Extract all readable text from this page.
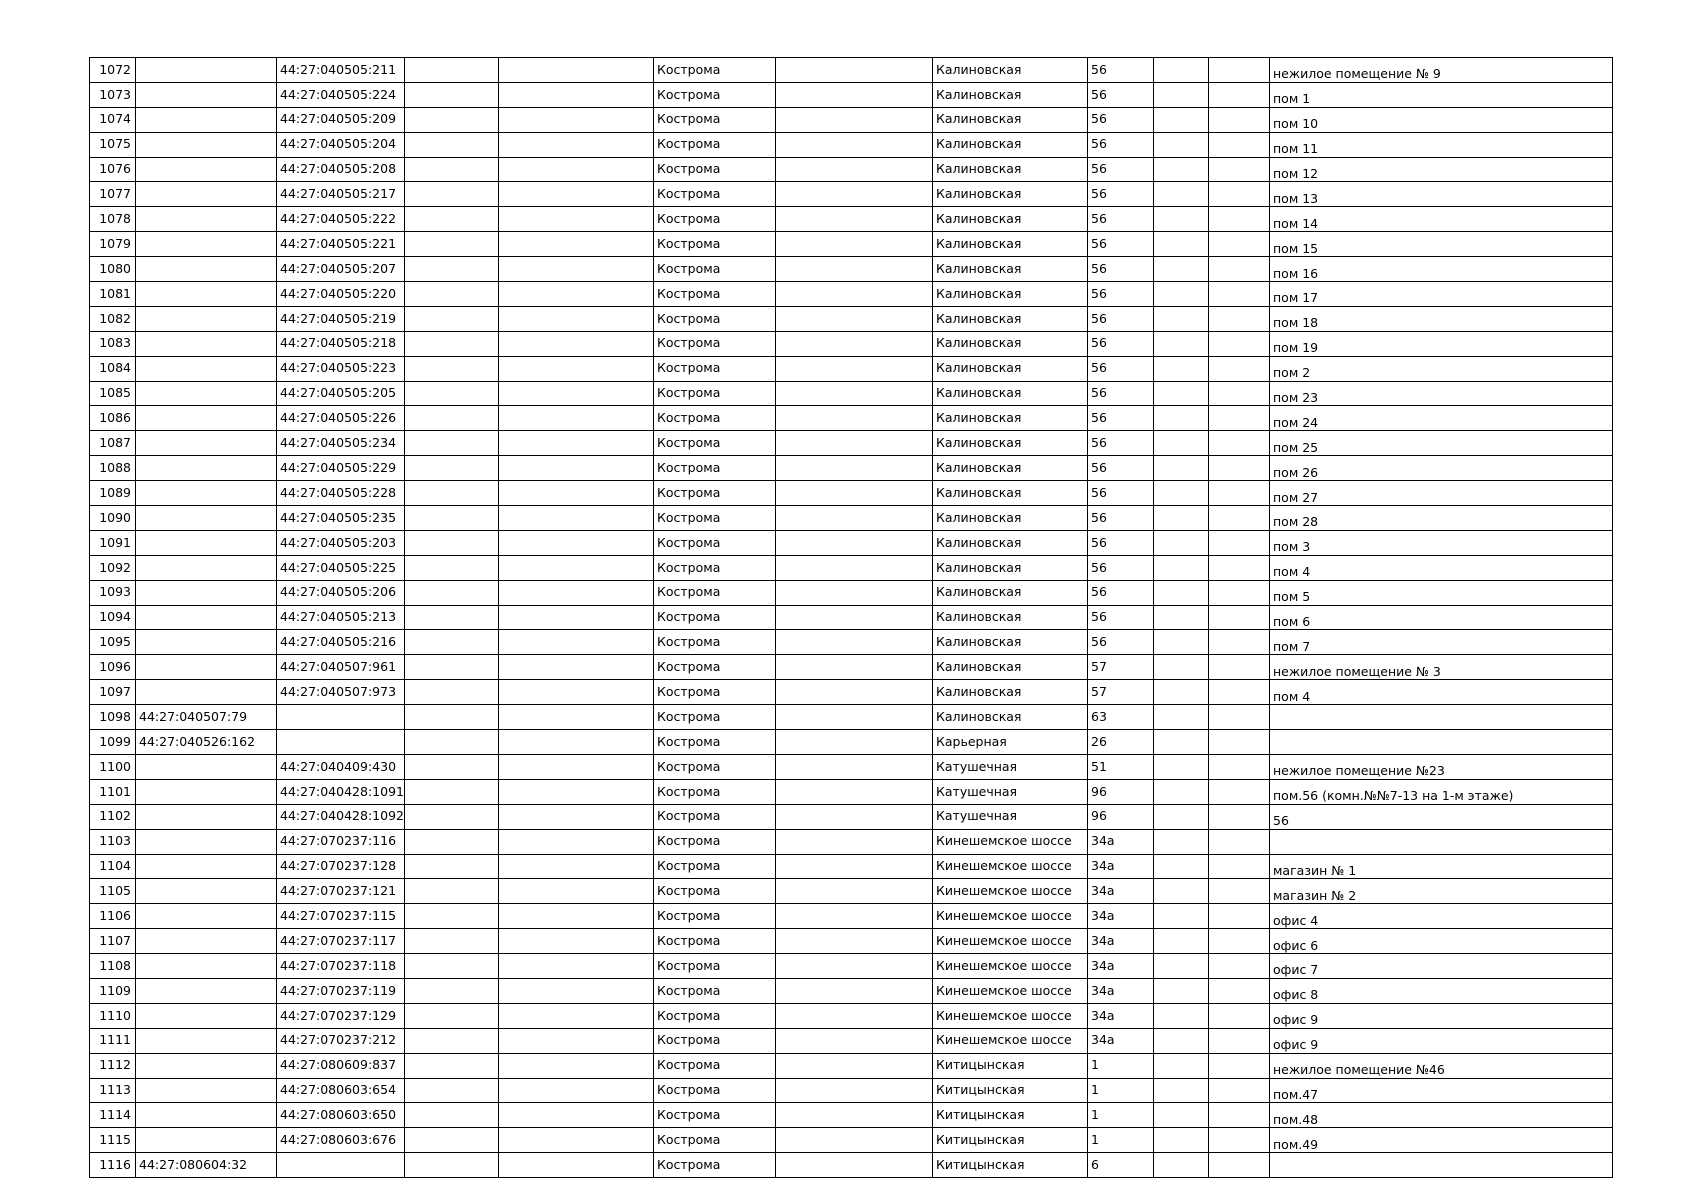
1072		44:27:040505:211			Кострома		Калиновская	56			нежилое помещение № 9
1073		44:27:040505:224			Кострома		Калиновская	56			пом 1
1074		44:27:040505:209			Кострома		Калиновская	56			пом 10
1075		44:27:040505:204			Кострома		Калиновская	56			пом 11
1076		44:27:040505:208			Кострома		Калиновская	56			пом 12
1077		44:27:040505:217			Кострома		Калиновская	56			пом 13
1078		44:27:040505:222			Кострома		Калиновская	56			пом 14
1079		44:27:040505:221			Кострома		Калиновская	56			пом 15
1080		44:27:040505:207			Кострома		Калиновская	56			пом 16
1081		44:27:040505:220			Кострома		Калиновская	56			пом 17
1082		44:27:040505:219			Кострома		Калиновская	56			пом 18
1083		44:27:040505:218			Кострома		Калиновская	56			пом 19
1084		44:27:040505:223			Кострома		Калиновская	56			пом 2
1085		44:27:040505:205			Кострома		Калиновская	56			пом 23
1086		44:27:040505:226			Кострома		Калиновская	56			пом 24
1087		44:27:040505:234			Кострома		Калиновская	56			пом 25
1088		44:27:040505:229			Кострома		Калиновская	56			пом 26
1089		44:27:040505:228			Кострома		Калиновская	56			пом 27
1090		44:27:040505:235			Кострома		Калиновская	56			пом 28
1091		44:27:040505:203			Кострома		Калиновская	56			пом 3
1092		44:27:040505:225			Кострома		Калиновская	56			пом 4
1093		44:27:040505:206			Кострома		Калиновская	56			пом 5
1094		44:27:040505:213			Кострома		Калиновская	56			пом 6
1095		44:27:040505:216			Кострома		Калиновская	56			пом 7
1096		44:27:040507:961			Кострома		Калиновская	57			нежилое помещение № 3
1097		44:27:040507:973			Кострома		Калиновская	57			пом 4
1098	44:27:040507:79				Кострома		Калиновская	63			
1099	44:27:040526:162				Кострома		Карьерная	26			
1100		44:27:040409:430			Кострома		Катушечная	51			нежилое помещение №23
1101		44:27:040428:1091			Кострома		Катушечная	96			пом.56 (комн.№№7-13 на 1-м этаже)
1102		44:27:040428:1092			Кострома		Катушечная	96			56
1103		44:27:070237:116			Кострома		Кинешемское шоссе	34а			
1104		44:27:070237:128			Кострома		Кинешемское шоссе	34а			магазин № 1
1105		44:27:070237:121			Кострома		Кинешемское шоссе	34а			магазин № 2
1106		44:27:070237:115			Кострома		Кинешемское шоссе	34а			офис 4
1107		44:27:070237:117			Кострома		Кинешемское шоссе	34а			офис 6
1108		44:27:070237:118			Кострома		Кинешемское шоссе	34а			офис 7
1109		44:27:070237:119			Кострома		Кинешемское шоссе	34а			офис 8
1110		44:27:070237:129			Кострома		Кинешемское шоссе	34а			офис 9
1111		44:27:070237:212			Кострома		Кинешемское шоссе	34а			офис 9
1112		44:27:080609:837			Кострома		Китицынская	1			нежилое помещение №46
1113		44:27:080603:654			Кострома		Китицынская	1			пом.47
1114		44:27:080603:650			Кострома		Китицынская	1			пом.48
1115		44:27:080603:676			Кострома		Китицынская	1			пом.49
1116	44:27:080604:32				Кострома		Китицынская	6			
